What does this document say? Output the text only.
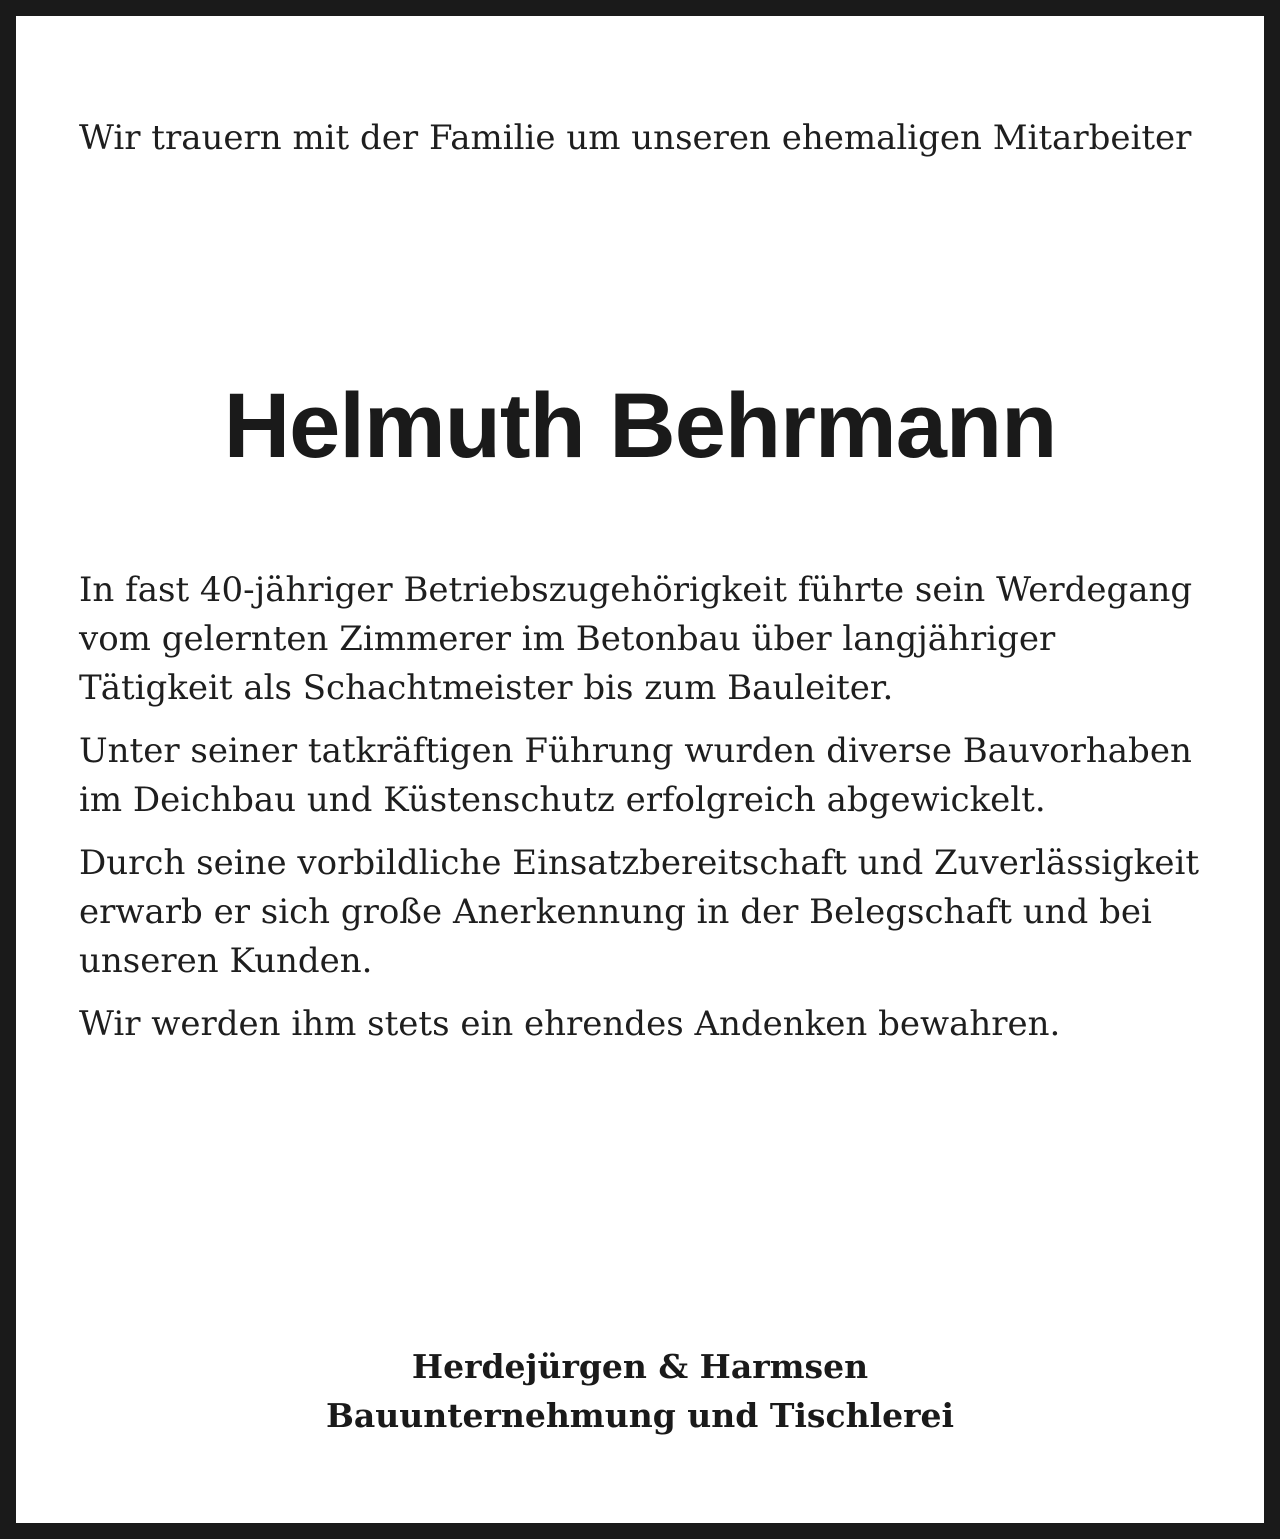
Wir trauern mit der Familie um unseren ehemaligen Mitarbeiter

Helmuth Behrmann

In fast 40-jähriger Betriebszugehörigkeit führte sein Werdegang vom gelernten Zimmerer im Betonbau über langjähriger Tätigkeit als Schachtmeister bis zum Bauleiter.

Unter seiner tatkräftigen Führung wurden diverse Bauvorhaben im Deichbau und Küstenschutz erfolgreich abgewickelt.

Durch seine vorbildliche Einsatzbereitschaft und Zuverlässigkeit erwarb er sich große Anerkennung in der Belegschaft und bei unseren Kunden.

Wir werden ihm stets ein ehrendes Andenken bewahren.

Herdejürgen & Harmsen
Bauunternehmung und Tischlerei
